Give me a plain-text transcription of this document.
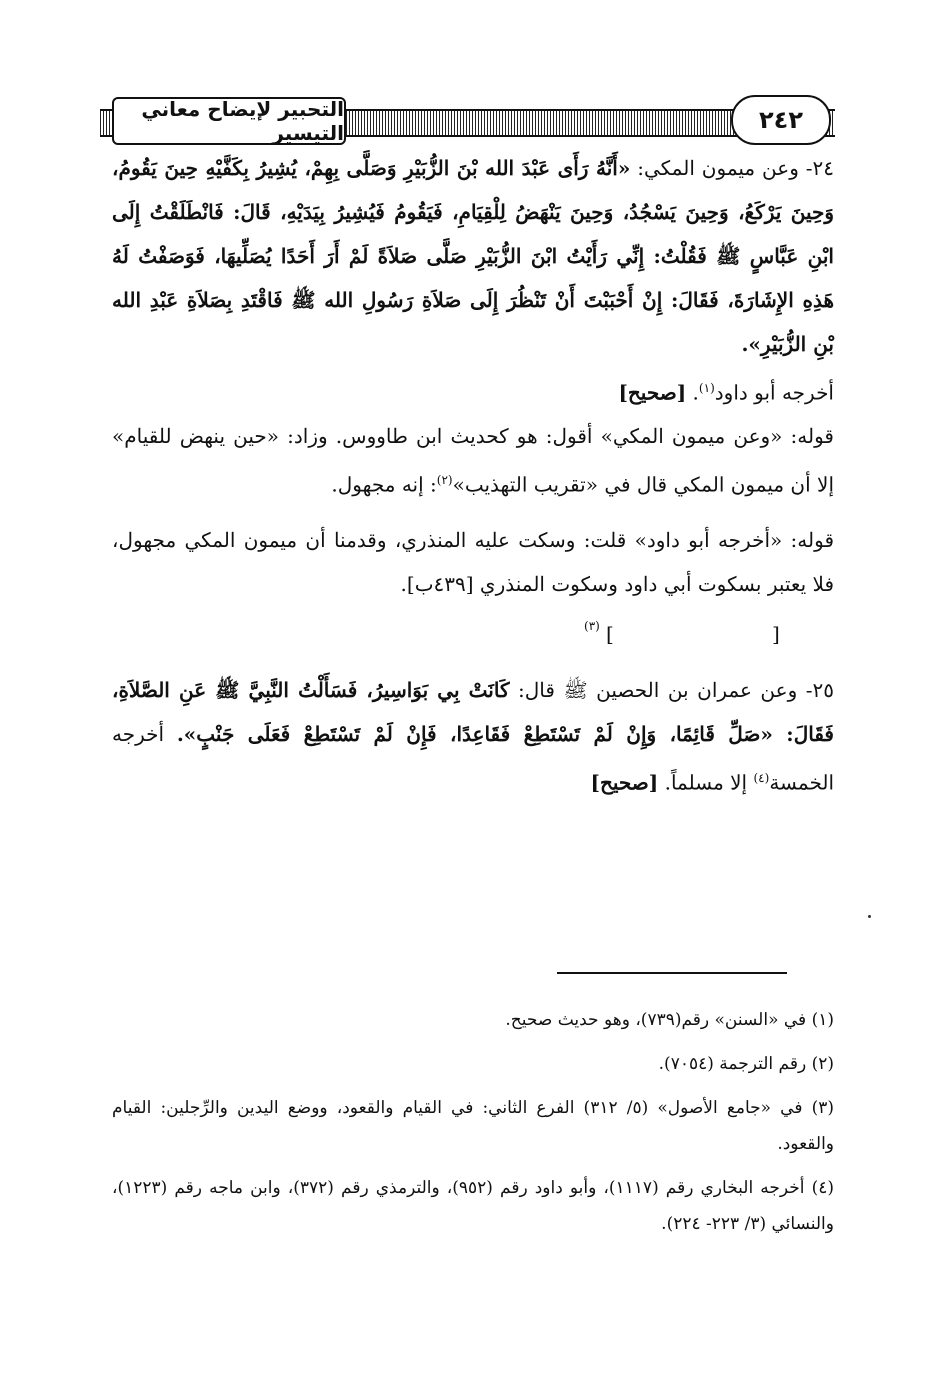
التحبير لإيضاح معاني التيسير	٢٤٢

٢٤- وعن ميمون المكي: «أَنَّهُ رَأَى عَبْدَ الله بْنَ الزُّبَيْرِ وَصَلَّى بِهِمْ، يُشِيرُ بِكَفَّيْهِ حِينَ يَقُومُ، وَحِينَ يَرْكَعُ، وَحِينَ يَسْجُدُ، وَحِينَ يَنْهَضُ لِلْقِيَامِ، فَيَقُومُ فَيُشِيرُ بِيَدَيْهِ، قَالَ: فَانْطَلَقْتُ إِلَى ابْنِ عَبَّاسٍ ﷺ فَقُلْتُ: إِنِّي رَأَيْتُ ابْنَ الزُّبَيْرِ صَلَّى صَلاَةً لَمْ أَرَ أَحَدًا يُصَلِّيهَا، فَوَصَفْتُ لَهُ هَذِهِ الإِشَارَةَ، فَقَالَ: إِنْ أَحْبَبْتَ أَنْ تَنْظُرَ إِلَى صَلاَةِ رَسُولِ الله ﷺ فَاقْتَدِ بِصَلاَةِ عَبْدِ الله بْنِ الزُّبَيْرِ».
أخرجه أبو داود$^{(١)}$. [صحيح]

قوله: «وعن ميمون المكي» أقول: هو كحديث ابن طاووس. وزاد: «حين ينهض للقيام» إلا أن ميمون المكي قال في «تقريب التهذيب»$^{(٢)}$: إنه مجهول.

قوله: «أخرجه أبو داود» قلت: وسكت عليه المنذري، وقدمنا أن ميمون المكي مجهول، فلا يعتبر بسكوت أبي داود وسكوت المنذري [٤٣٩ب].

[
]
(٣)

٢٥- وعن عمران بن الحصين ﷺ قال: كَانَتْ بِي بَوَاسِيرُ، فَسَأَلْتُ النَّبِيَّ ﷺ عَنِ الصَّلاَةِ، فَقَالَ: «صَلِّ قَائِمًا، وَإِنْ لَمْ تَسْتَطِعْ فَقَاعِدًا، فَإِنْ لَمْ تَسْتَطِعْ فَعَلَى جَنْبٍ». أخرجه الخمسة$^{(٤)}$ إلا مسلماً. [صحيح]

(١) في «السنن» رقم(٧٣٩)، وهو حديث صحيح.

(٢) رقم الترجمة (٧٠٥٤).

(٣) في «جامع الأصول» (٥/ ٣١٢) الفرع الثاني: في القيام والقعود، ووضع اليدين والرِّجلين: القيام والقعود.

(٤) أخرجه البخاري رقم (١١١٧)، وأبو داود رقم (٩٥٢)، والترمذي رقم (٣٧٢)، وابن ماجه رقم (١٢٢٣)، والنسائي (٣/ ٢٢٣- ٢٢٤).
